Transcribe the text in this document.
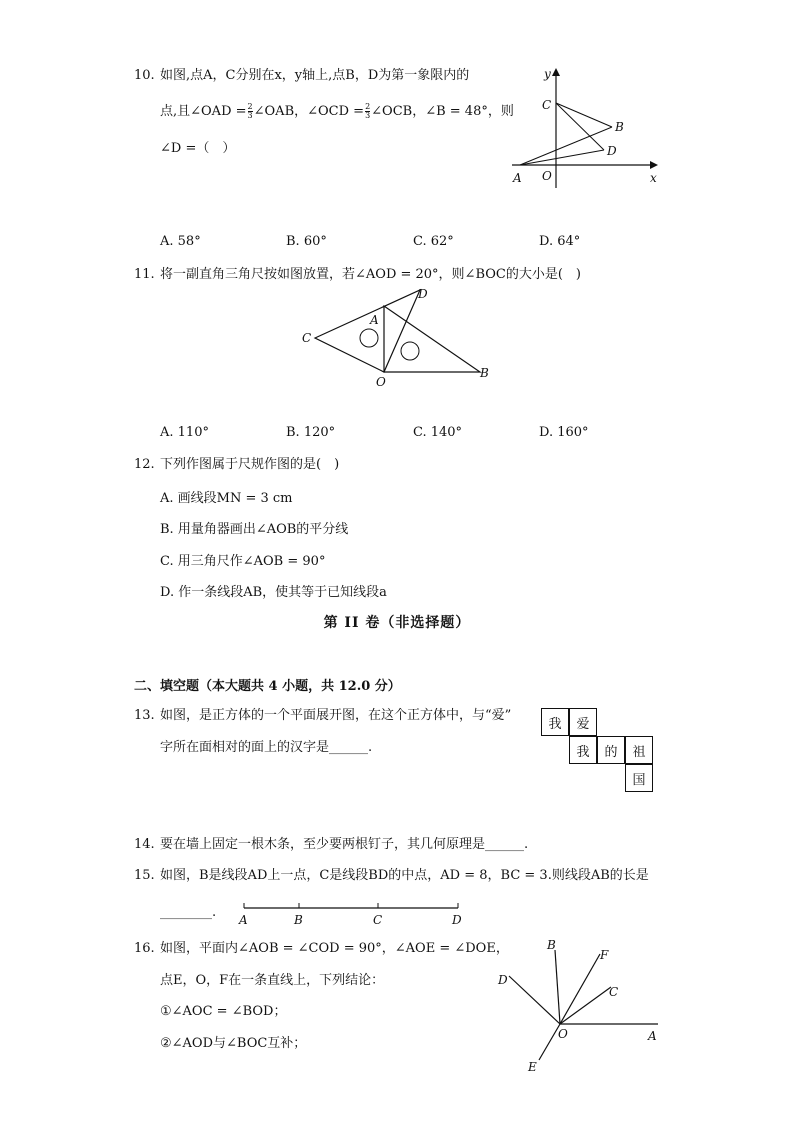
10. 如图,点A，C分别在x，y轴上,点B，D为第一象限内的
点,且∠OAD = $\frac{2}{3}$ ∠OAB，∠OCD = $\frac{2}{3}$ ∠OCB，∠B = 48°，则
∠D =（　）
y
C
B
D
A O	x
A. 58°	B. 60°	C. 62°	D. 64°
11. 将一副直角三角尺按如图放置，若∠AOD = 20°，则∠BOC的大小是(　)
D
A
C
O
B
A. 110°	B. 120°	C. 140°	D. 160°
12. 下列作图属于尺规作图的是(　)
A. 画线段MN = 3 cm
B. 用量角器画出∠AOB的平分线
C. 用三角尺作∠AOB = 90°
D. 作一条线段AB，使其等于已知线段a
第 II 卷（非选择题）
二、填空题（本大题共 4 小题，共 12.0 分）
13. 如图，是正方体的一个平面展开图，在这个正方体中，与“爱”
字所在面相对的面上的汉字是______.
我	爱
我	的	祖
国
14. 要在墙上固定一根木条，至少要两根钉子，其几何原理是______.
15. 如图，B是线段AD上一点，C是线段BD的中点，AD = 8，BC = 3.则线段AB的长是
________. A	B	C	D
16. 如图，平面内∠AOB = ∠COD = 90°，∠AOE = ∠DOE，
点E，O，F在一条直线上，下列结论：
①∠AOC = ∠BOD；
②∠AOD与∠BOC互补；
B
F
D
C
O	A
E
